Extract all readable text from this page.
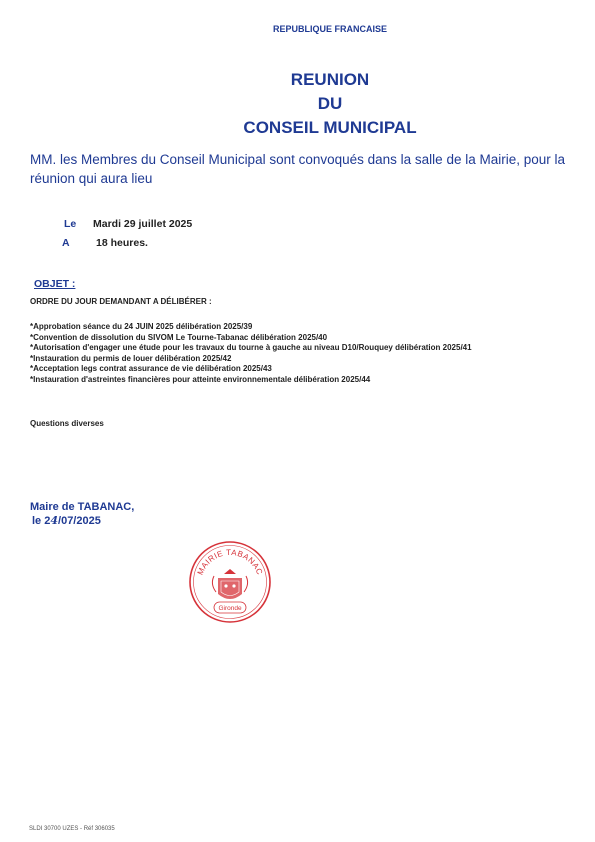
REPUBLIQUE FRANCAISE
REUNION
DU
CONSEIL MUNICIPAL
MM. les Membres du Conseil Municipal sont convoqués dans la salle de la Mairie, pour la réunion qui aura lieu
Le Mardi 29 juillet 2025
A	18 heures.
OBJET :
ORDRE DU JOUR DEMANDANT A DÉLIBÉRER :
*Approbation séance du 24 JUIN 2025 délibération 2025/39
*Convention de dissolution du SIVOM Le Tourne-Tabanac délibération 2025/40
*Autorisation d'engager une étude pour les travaux du tourne à gauche au niveau D10/Rouquey délibération 2025/41
*Instauration du permis de louer délibération 2025/42
*Acceptation legs contrat assurance de vie délibération 2025/43
*Instauration d'astreintes financières pour atteinte environnementale délibération 2025/44
Questions diverses
Maire de TABANAC,
le 24/07/2025
MAIRIE TABANAC
Gironde
SLDI 30700 UZES - Réf 306035
